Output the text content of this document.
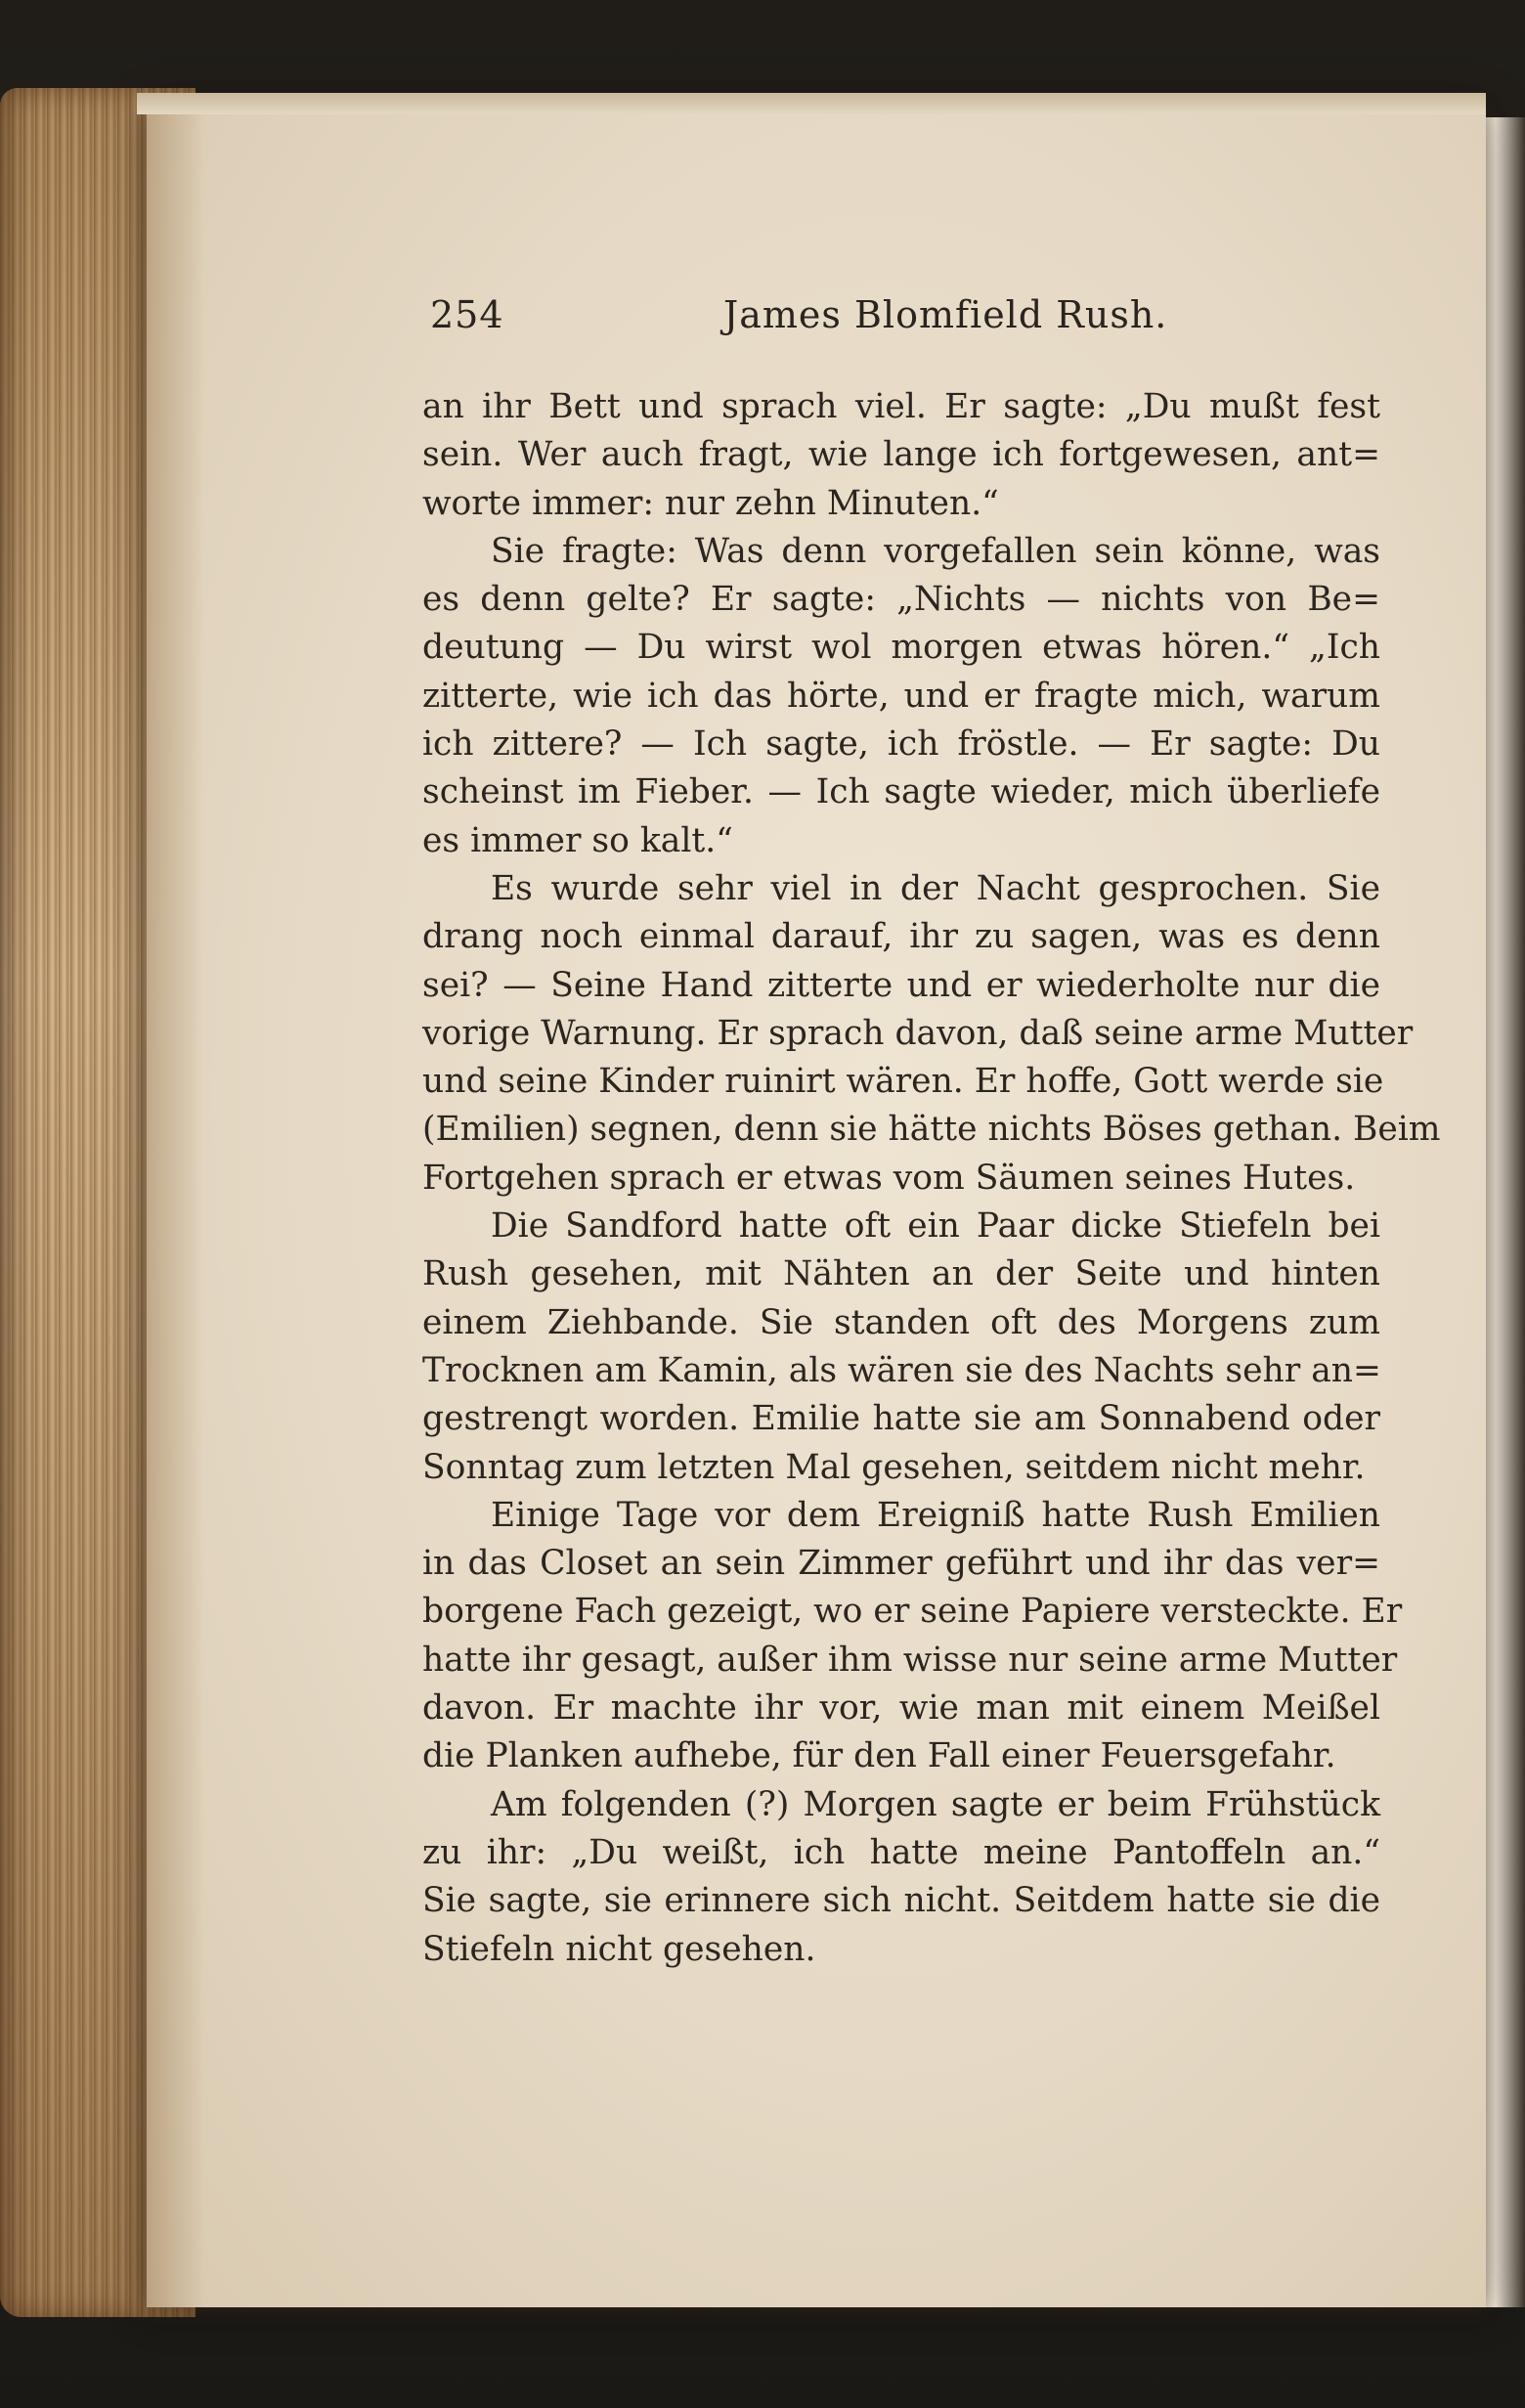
254	James Blomfield Rush.
an ihr Bett und sprach viel. Er sagte: „Du mußt fest
sein. Wer auch fragt, wie lange ich fortgewesen, ant=
worte immer: nur zehn Minuten.“
Sie fragte: Was denn vorgefallen sein könne, was
es denn gelte? Er sagte: „Nichts — nichts von Be=
deutung — Du wirst wol morgen etwas hören.“ „Ich
zitterte, wie ich das hörte, und er fragte mich, warum
ich zittere? — Ich sagte, ich fröstle. — Er sagte: Du
scheinst im Fieber. — Ich sagte wieder, mich überliefe
es immer so kalt.“
Es wurde sehr viel in der Nacht gesprochen. Sie
drang noch einmal darauf, ihr zu sagen, was es denn
sei? — Seine Hand zitterte und er wiederholte nur die
vorige Warnung. Er sprach davon, daß seine arme Mutter
und seine Kinder ruinirt wären. Er hoffe, Gott werde sie
(Emilien) segnen, denn sie hätte nichts Böses gethan. Beim
Fortgehen sprach er etwas vom Säumen seines Hutes.
Die Sandford hatte oft ein Paar dicke Stiefeln bei
Rush gesehen, mit Nähten an der Seite und hinten
einem Ziehbande. Sie standen oft des Morgens zum
Trocknen am Kamin, als wären sie des Nachts sehr an=
gestrengt worden. Emilie hatte sie am Sonnabend oder
Sonntag zum letzten Mal gesehen, seitdem nicht mehr.
Einige Tage vor dem Ereigniß hatte Rush Emilien
in das Closet an sein Zimmer geführt und ihr das ver=
borgene Fach gezeigt, wo er seine Papiere versteckte. Er
hatte ihr gesagt, außer ihm wisse nur seine arme Mutter
davon. Er machte ihr vor, wie man mit einem Meißel
die Planken aufhebe, für den Fall einer Feuersgefahr.
Am folgenden (?) Morgen sagte er beim Frühstück
zu ihr: „Du weißt, ich hatte meine Pantoffeln an.“
Sie sagte, sie erinnere sich nicht. Seitdem hatte sie die
Stiefeln nicht gesehen.
